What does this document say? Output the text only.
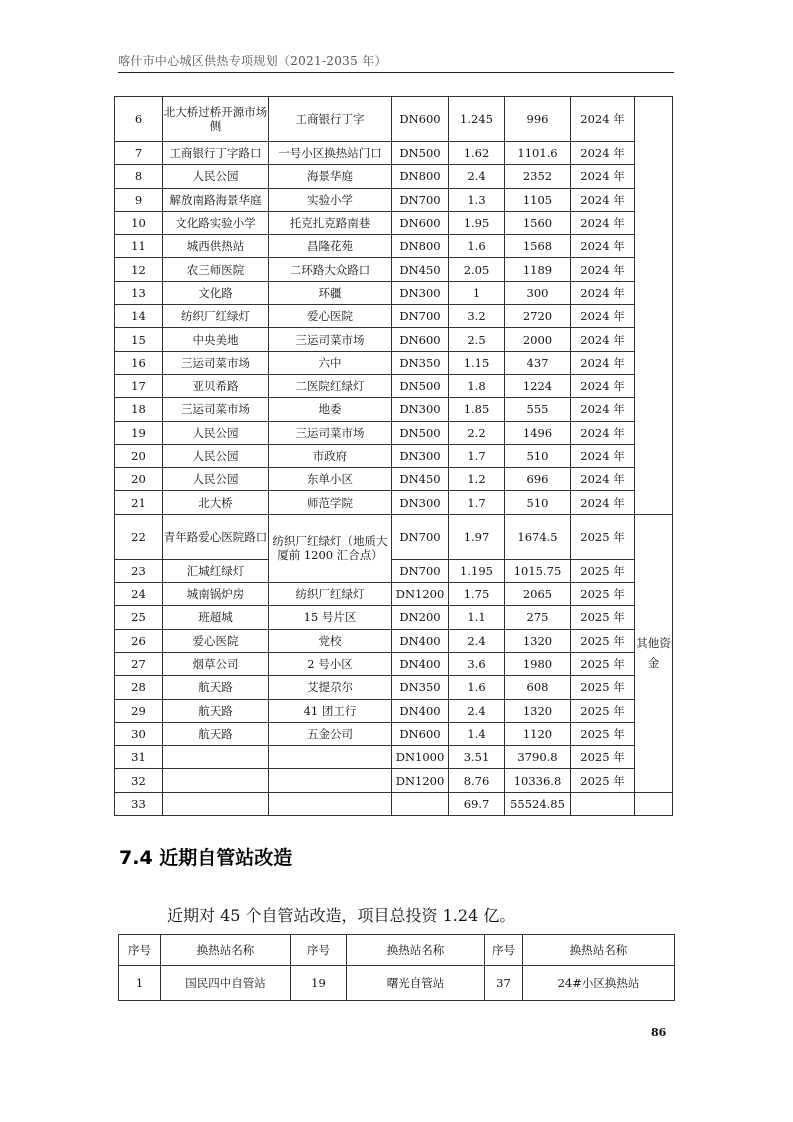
喀什市中心城区供热专项规划（2021-2035 年）
6	北大桥过桥开源市场侧	工商银行丁字	DN600	1.245	996	2024 年	
7	工商银行丁字路口	一号小区换热站门口	DN500	1.62	1101.6	2024 年	
8	人民公园	海景华庭	DN800	2.4	2352	2024 年	
9	解放南路海景华庭	实验小学	DN700	1.3	1105	2024 年	
10	文化路实验小学	托克扎克路南巷	DN600	1.95	1560	2024 年	
11	城西供热站	昌隆花苑	DN800	1.6	1568	2024 年	
12	农三师医院	二环路大众路口	DN450	2.05	1189	2024 年	
13	文化路	环疆	DN300	1	300	2024 年	
14	纺织厂红绿灯	爱心医院	DN700	3.2	2720	2024 年	
15	中央美地	三运司菜市场	DN600	2.5	2000	2024 年	
16	三运司菜市场	六中	DN350	1.15	437	2024 年	
17	亚贝希路	二医院红绿灯	DN500	1.8	1224	2024 年	
18	三运司菜市场	地委	DN300	1.85	555	2024 年	
19	人民公园	三运司菜市场	DN500	2.2	1496	2024 年	
20	人民公园	市政府	DN300	1.7	510	2024 年	
20	人民公园	东单小区	DN450	1.2	696	2024 年	
21	北大桥	师范学院	DN300	1.7	510	2024 年	
22	青年路爱心医院路口	纺织厂红绿灯（地质大厦前 1200 汇合点）	DN700	1.97	1674.5	2025 年	其他资金
23	汇城红绿灯		DN700	1.195	1015.75	2025 年	
24	城南锅炉房	纺织厂红绿灯	DN1200	1.75	2065	2025 年	
25	班超城	15 号片区	DN200	1.1	275	2025 年	
26	爱心医院	党校	DN400	2.4	1320	2025 年	
27	烟草公司	2 号小区	DN400	3.6	1980	2025 年	
28	航天路	艾提尕尔	DN350	1.6	608	2025 年	
29	航天路	41 团工行	DN400	2.4	1320	2025 年	
30	航天路	五金公司	DN600	1.4	1120	2025 年	
31			DN1000	3.51	3790.8	2025 年	
32			DN1200	8.76	10336.8	2025 年	
33				69.7	55524.85		
7.4 近期自管站改造
近期对 45 个自管站改造，项目总投资 1.24 亿。
序号	换热站名称	序号	换热站名称	序号	换热站名称
1	国民四中自管站	19	曙光自管站	37	24#小区换热站
86
